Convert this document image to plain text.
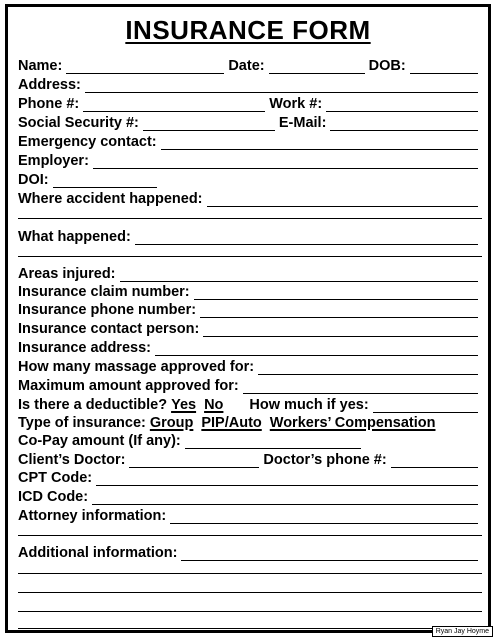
INSURANCE FORM
Name:	Date:	DOB:
Address:
Phone #:	Work #:
Social Security #:	E-Mail:
Emergency contact:
Employer:
DOI:
Where accident happened:
What happened:
Areas injured:
Insurance claim number:
Insurance phone number:
Insurance contact person:
Insurance address:
How many massage approved for:
Maximum amount approved for:
Is there a deductible? Yes No How much if yes:
Type of insurance: Group PIP/Auto Workers’ Compensation
Co-Pay amount (If any):
Client’s Doctor:	Doctor’s phone #:
CPT Code:
ICD Code:
Attorney information:
Additional information:
Ryan Jay Hoyme
